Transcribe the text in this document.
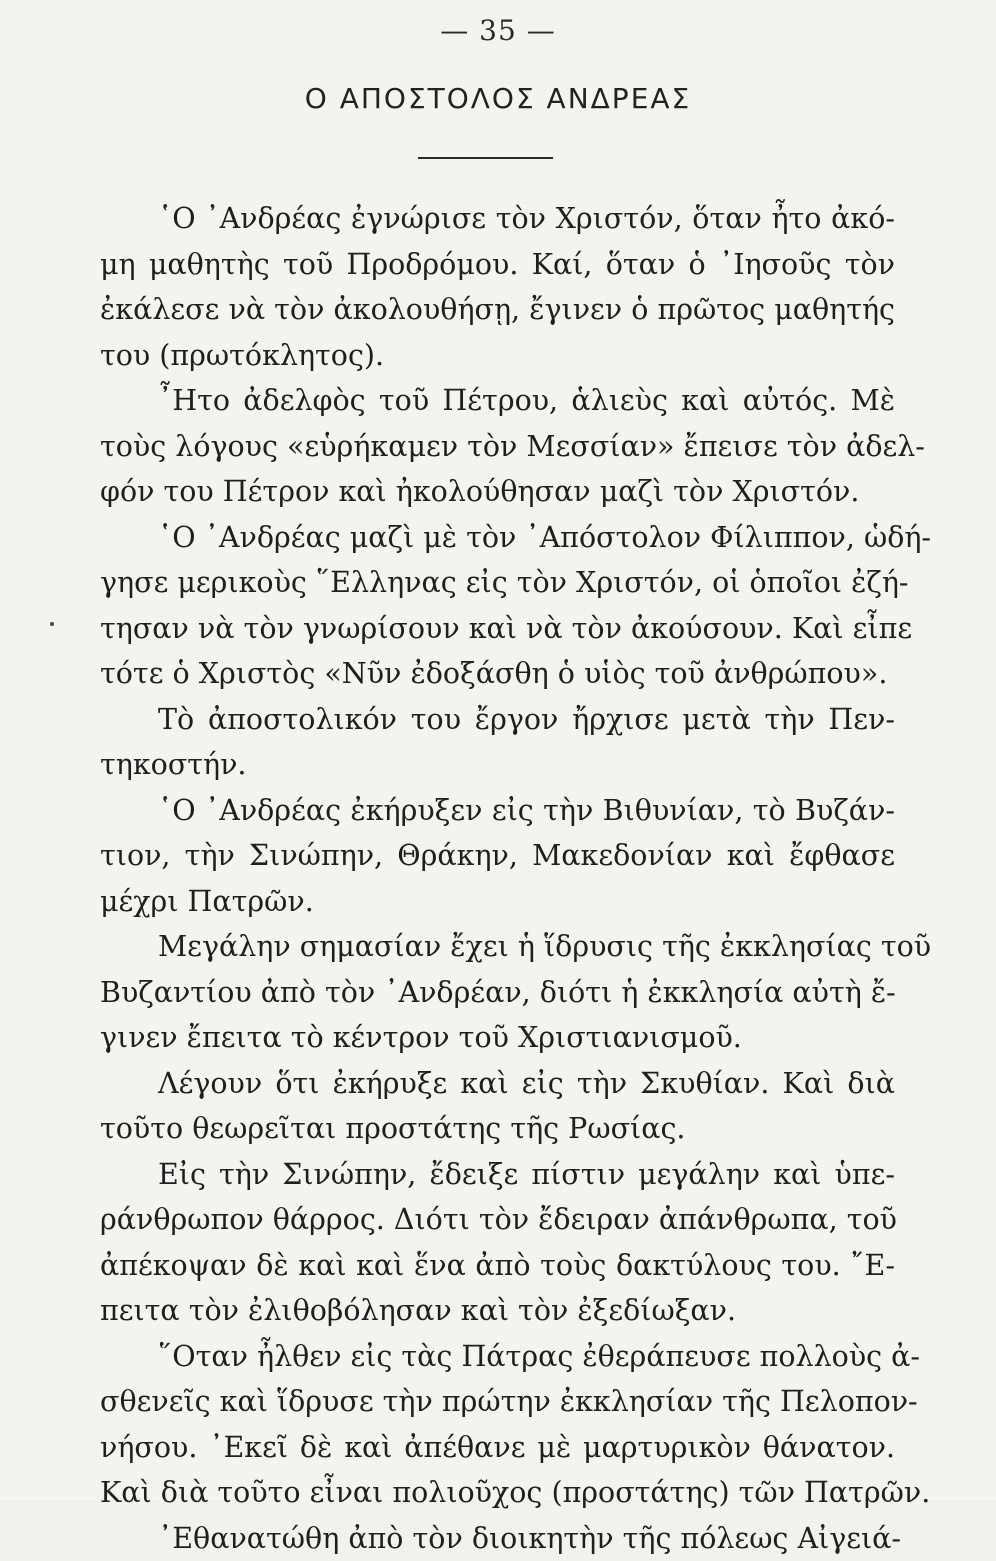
— 35 —
Ο ΑΠΟΣΤΟΛΟΣ ΑΝΔΡΕΑΣ
῾Ο ᾿Ανδρέας ἐγνώρισε τὸν Χριστόν, ὅταν ἦτο ἀκό-
μη μαθητὴς τοῦ Προδρόμου. Καί, ὅταν ὁ ᾿Ιησοῦς τὸν
ἐκάλεσε νὰ τὸν ἀκολουθήσῃ, ἔγινεν ὁ πρῶτος μαθητής
του (πρωτόκλητος).
῏Ητο ἀδελφὸς τοῦ Πέτρου, ἁλιεὺς καὶ αὐτός. Μὲ
τοὺς λόγους «εὑρήκαμεν τὸν Μεσσίαν» ἔπεισε τὸν ἀδελ-
φόν του Πέτρον καὶ ἠκολούθησαν μαζὶ τὸν Χριστόν.
῾Ο ᾿Ανδρέας μαζὶ μὲ τὸν ᾿Απόστολον Φίλιππον, ὡδή-
γησε μερικοὺς ῞Ελληνας εἰς τὸν Χριστόν, οἱ ὁποῖοι ἐζή-
τησαν νὰ τὸν γνωρίσουν καὶ νὰ τὸν ἀκούσουν. Καὶ εἶπε
τότε ὁ Χριστὸς «Νῦν ἐδοξάσθη ὁ υἱὸς τοῦ ἀνθρώπου».
Τὸ ἀποστολικόν του ἔργον ἤρχισε μετὰ τὴν Πεν-
τηκοστήν.
῾Ο ᾿Ανδρέας ἐκήρυξεν εἰς τὴν Βιθυνίαν, τὸ Βυζάν-
τιον, τὴν Σινώπην, Θράκην, Μακεδονίαν καὶ ἔφθασε
μέχρι Πατρῶν.
Μεγάλην σημασίαν ἔχει ἡ ἵδρυσις τῆς ἐκκλησίας τοῦ
Βυζαντίου ἀπὸ τὸν ᾿Ανδρέαν, διότι ἡ ἐκκλησία αὐτὴ ἔ-
γινεν ἔπειτα τὸ κέντρον τοῦ Χριστιανισμοῦ.
Λέγουν ὅτι ἐκήρυξε καὶ εἰς τὴν Σκυθίαν. Καὶ διὰ
τοῦτο θεωρεῖται προστάτης τῆς Ρωσίας.
Εἰς τὴν Σινώπην, ἔδειξε πίστιν μεγάλην καὶ ὑπε-
ράνθρωπον θάρρος. Διότι τὸν ἔδειραν ἀπάνθρωπα, τοῦ
ἀπέκοψαν δὲ καὶ καὶ ἕνα ἀπὸ τοὺς δακτύλους του. ῎Ε-
πειτα τὸν ἐλιθοβόλησαν καὶ τὸν ἐξεδίωξαν.
῞Οταν ἦλθεν εἰς τὰς Πάτρας ἐθεράπευσε πολλοὺς ἀ-
σθενεῖς καὶ ἵδρυσε τὴν πρώτην ἐκκλησίαν τῆς Πελοπον-
νήσου. ᾿Εκεῖ δὲ καὶ ἀπέθανε μὲ μαρτυρικὸν θάνατον.
Καὶ διὰ τοῦτο εἶναι πολιοῦχος (προστάτης) τῶν Πατρῶν.
᾿Εθανατώθη ἀπὸ τὸν διοικητὴν τῆς πόλεως Αἰγειά-
